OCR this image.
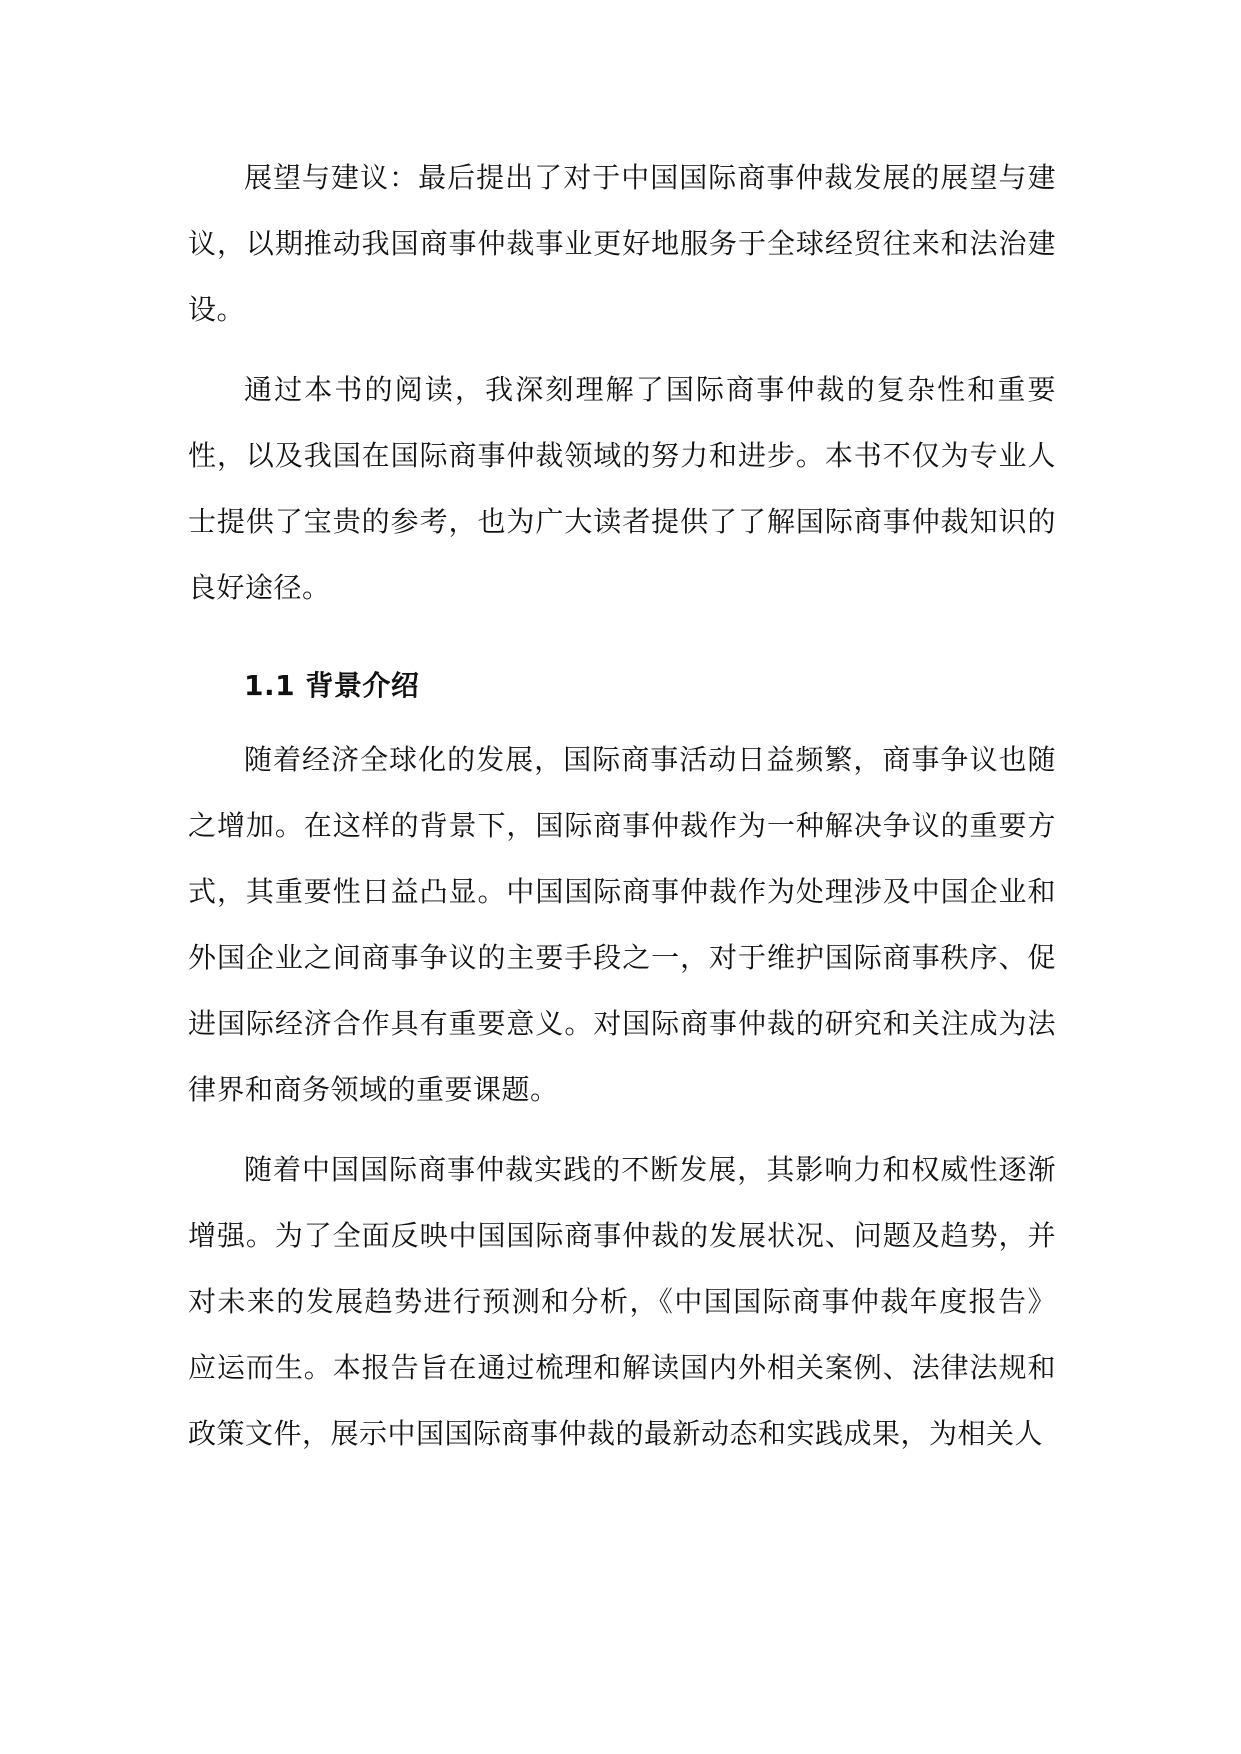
展望与建议：最后提出了对于中国国际商事仲裁发展的展望与建议，以期推动我国商事仲裁事业更好地服务于全球经贸往来和法治建设。

通过本书的阅读，我深刻理解了国际商事仲裁的复杂性和重要性，以及我国在国际商事仲裁领域的努力和进步。本书不仅为专业人士提供了宝贵的参考，也为广大读者提供了了解国际商事仲裁知识的良好途径。

1.1 背景介绍

随着经济全球化的发展，国际商事活动日益频繁，商事争议也随之增加。在这样的背景下，国际商事仲裁作为一种解决争议的重要方式，其重要性日益凸显。中国国际商事仲裁作为处理涉及中国企业和外国企业之间商事争议的主要手段之一，对于维护国际商事秩序、促进国际经济合作具有重要意义。对国际商事仲裁的研究和关注成为法律界和商务领域的重要课题。

随着中国国际商事仲裁实践的不断发展，其影响力和权威性逐渐增强。为了全面反映中国国际商事仲裁的发展状况、问题及趋势，并对未来的发展趋势进行预测和分析，《中国国际商事仲裁年度报告》应运而生。本报告旨在通过梳理和解读国内外相关案例、法律法规和政策文件，展示中国国际商事仲裁的最新动态和实践成果，为相关人
